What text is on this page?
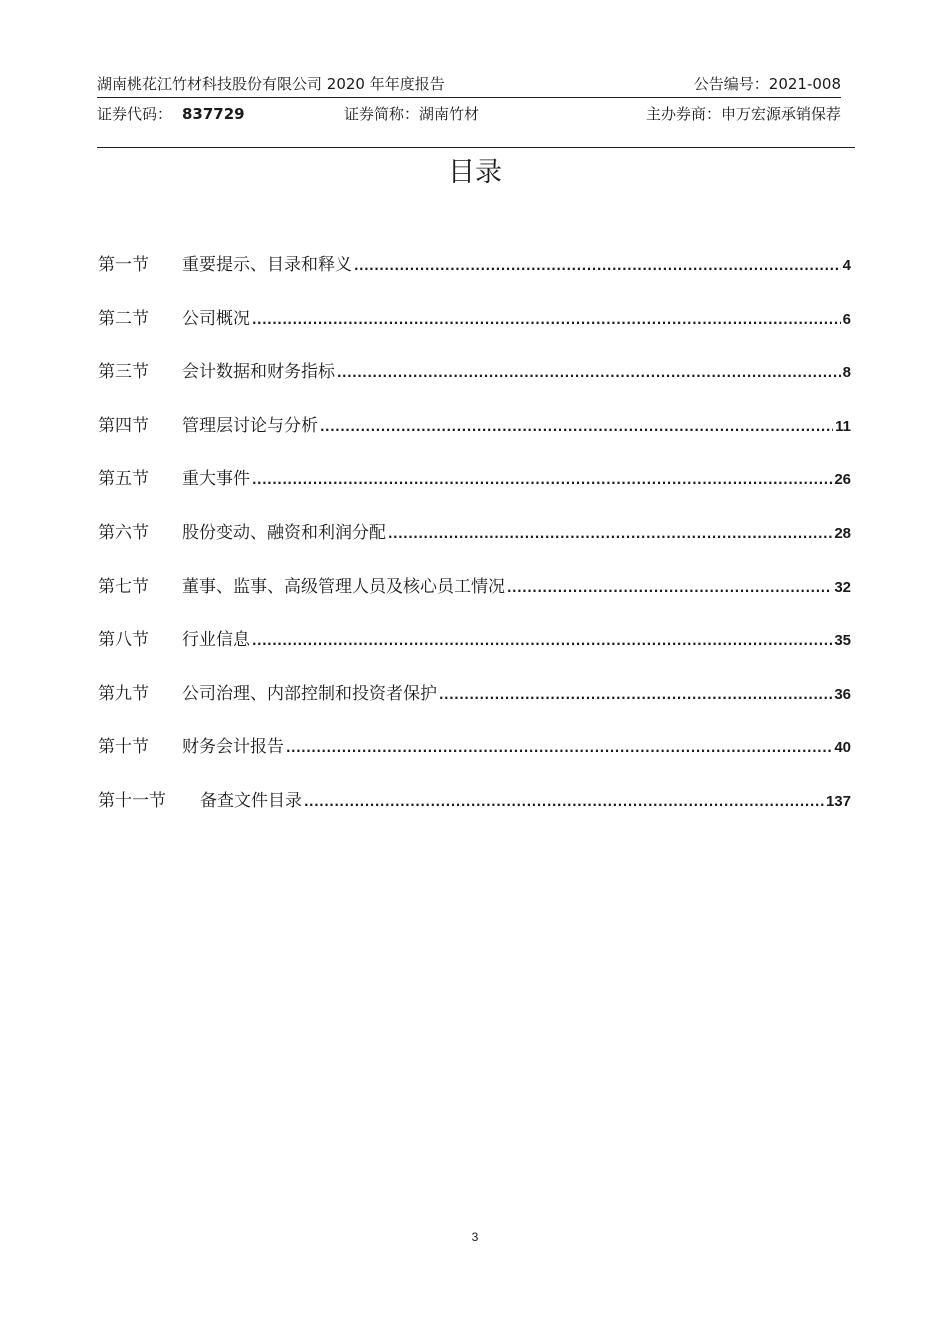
湖南桃花江竹材科技股份有限公司 2020 年年度报告	公告编号：2021-008
证券代码： 837729	证券简称：湖南竹材	主办券商：申万宏源承销保荐
目录
第一节	重要提示、目录和释义 .....	4
第二节	公司概况 .....	6
第三节	会计数据和财务指标 .....	8
第四节	管理层讨论与分析 .....	11
第五节	重大事件 .....	26
第六节	股份变动、融资和利润分配 .....	28
第七节	董事、监事、高级管理人员及核心员工情况 .....	32
第八节	行业信息 .....	35
第九节	公司治理、内部控制和投资者保护 .....	36
第十节	财务会计报告 .....	40
第十一节	备查文件目录 .....	137
3
